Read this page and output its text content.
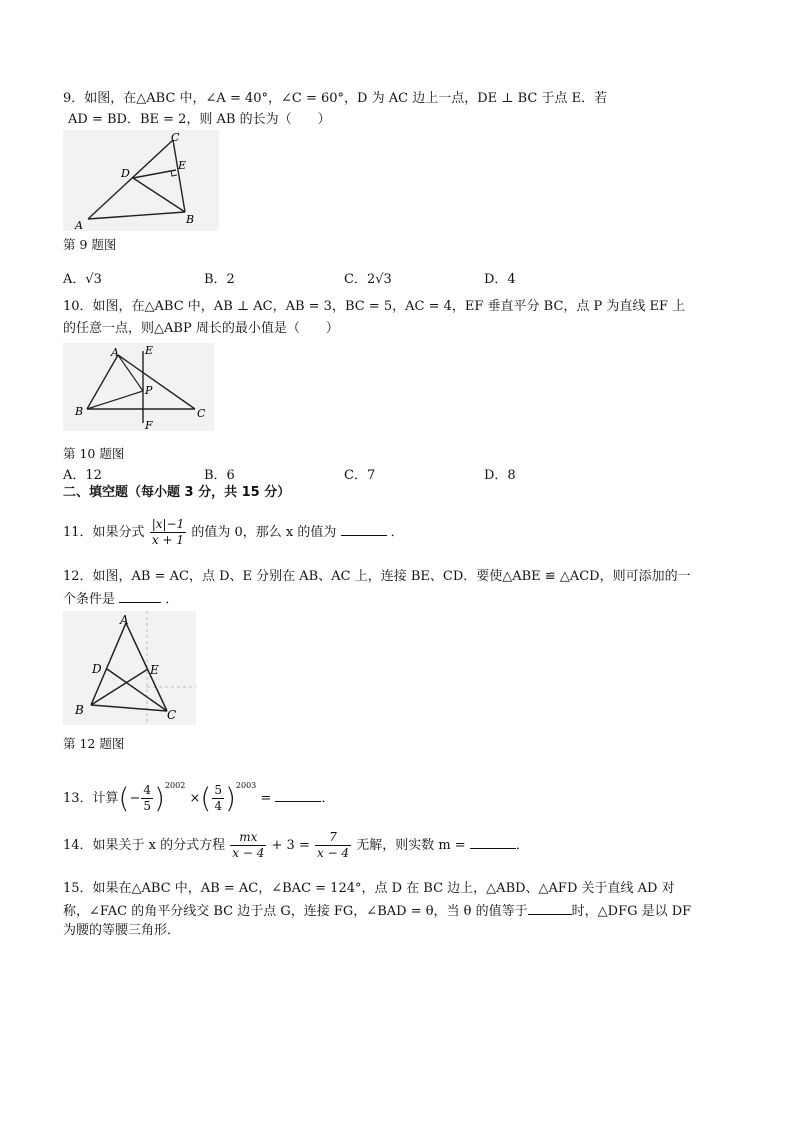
9．如图，在△ABC 中，∠A = 40°，∠C = 60°，D 为 AC 边上一点，DE ⊥ BC 于点 E．若
AD = BD．BE = 2，则 AB 的长为（　　）
A	B
C
D
E
第 9 题图
A．√3	B．2	C．2√3	D．4
10．如图，在△ABC 中，AB ⊥ AC，AB = 3，BC = 5，AC = 4，EF 垂直平分 BC，点 P 为直线 EF 上
的任意一点，则△ABP 周长的最小值是（　　）
A
B	C
E
F
P
第 10 题图
A．12	B．6	C．7	D．8
二、填空题（每小题 3 分，共 15 分）
11．如果分式 $\frac{|x|-1}{x + 1}$ 的值为 0，那么 x 的值为	．
12．如图，AB = AC，点 D、E 分别在 AB、AC 上，连接 BE、CD．要使△ABE ≌ △ACD，则可添加的一
个条件是	．
A
B	C
D	E
第 12 题图
13．计算(− $\frac{4}{5} )^{2002}$ ×( $\frac{5}{4} )^{2003}$ =	．
14．如果关于 x 的分式方程 $\frac{mx}{x - 4} + 3 = \frac{7}{x - 4}$ 无解，则实数 m =	．
15．如果在△ABC 中，AB = AC，∠BAC = 124°，点 D 在 BC 边上，△ABD、△AFD 关于直线 AD 对
称，∠FAC 的角平分线交 BC 边于点 G，连接 FG，∠BAD = θ，当 θ 的值等于	时，△DFG 是以 DF
为腰的等腰三角形．
